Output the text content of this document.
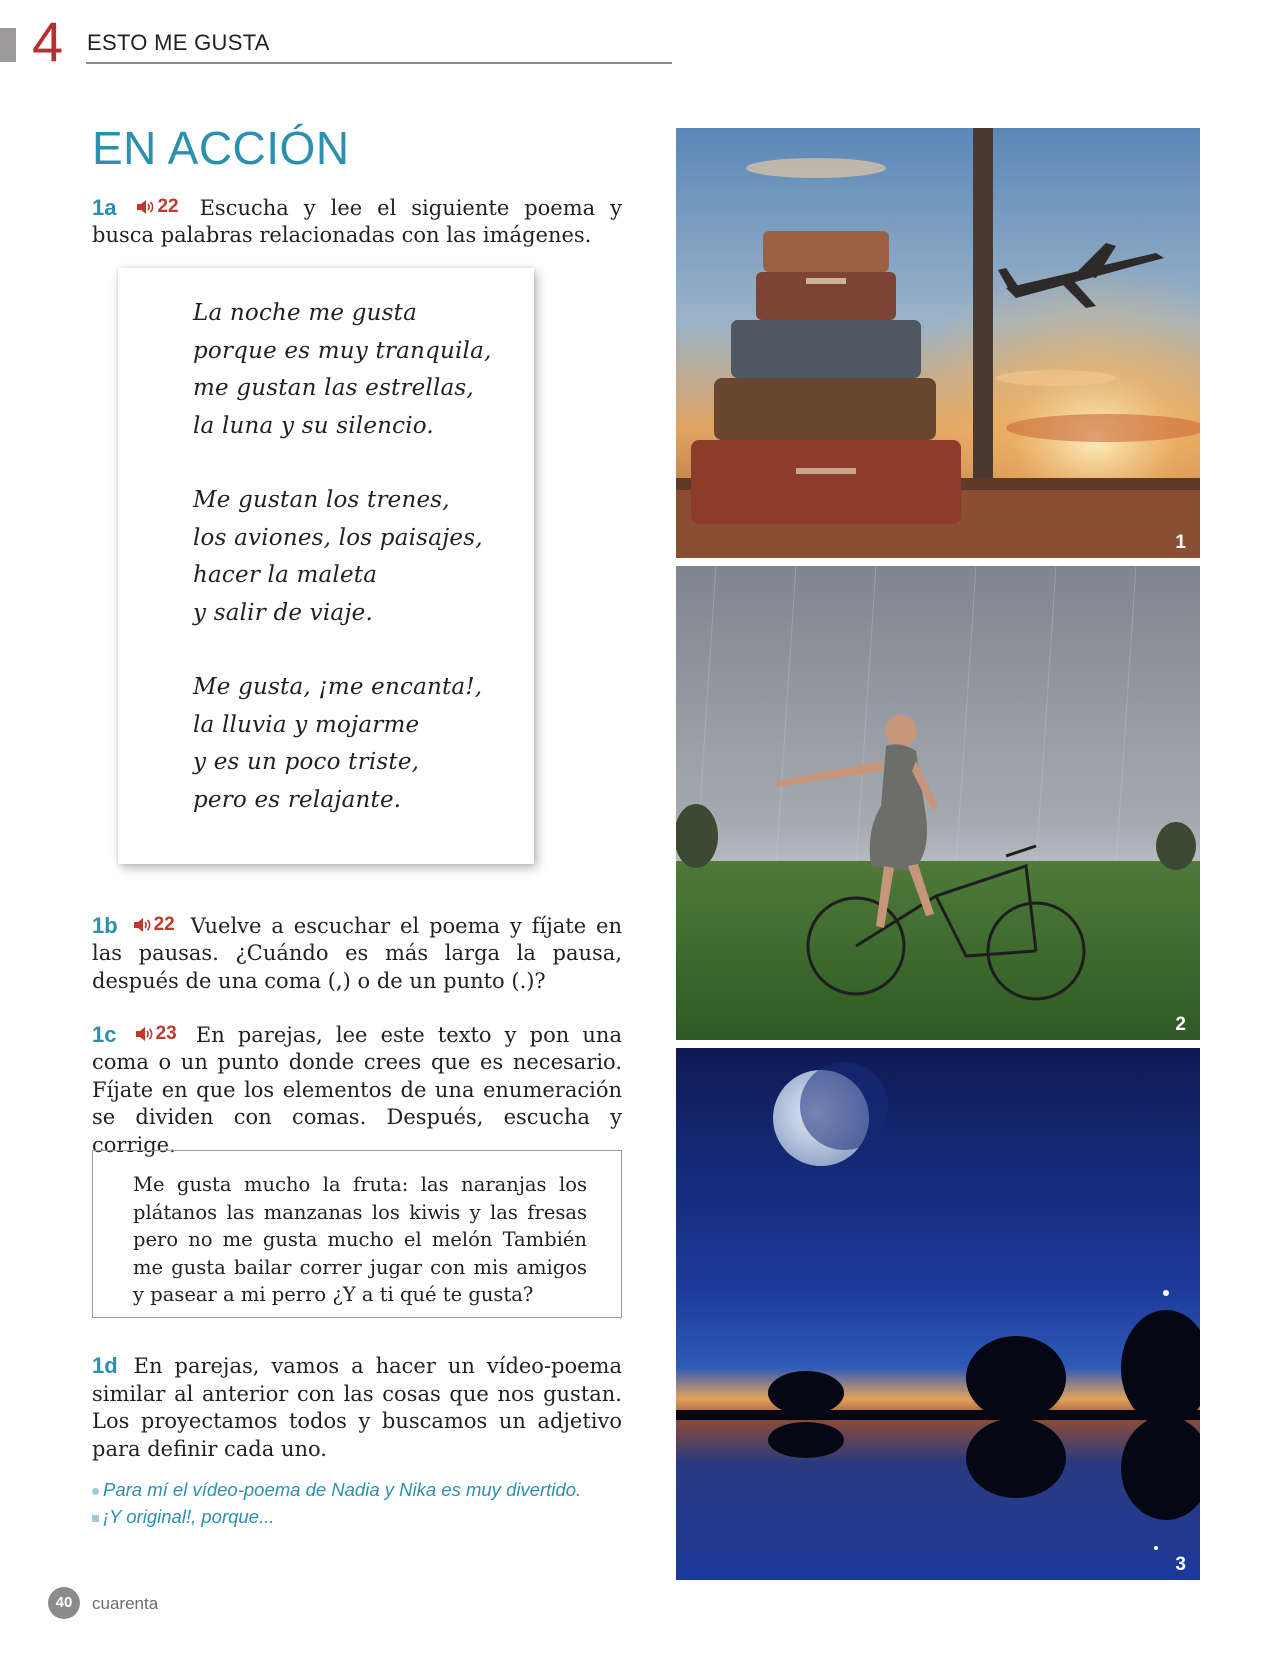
4 ESTO ME GUSTA
EN ACCIÓN
1a 22 Escucha y lee el siguiente poema y busca palabras relacionadas con las imágenes.
La noche me gusta
porque es muy tranquila,
me gustan las estrellas,
la luna y su silencio.
Me gustan los trenes,
los aviones, los paisajes,
hacer la maleta
y salir de viaje.
Me gusta, ¡me encanta!,
la lluvia y mojarme
y es un poco triste,
pero es relajante.
1b 22 Vuelve a escuchar el poema y fíjate en las pausas. ¿Cuándo es más larga la pausa, después de una coma (,) o de un punto (.)?
1c 23 En parejas, lee este texto y pon una coma o un punto donde crees que es necesario. Fíjate en que los elementos de una enumeración se dividen con comas. Después, escucha y corrige.
Me gusta mucho la fruta: las naranjas los plátanos las manzanas los kiwis y las fresas pero no me gusta mucho el melón También me gusta bailar correr jugar con mis amigos y pasear a mi perro ¿Y a ti qué te gusta?
1d En parejas, vamos a hacer un vídeo-poema similar al anterior con las cosas que nos gustan. Los proyectamos todos y buscamos un adjetivo para definir cada uno.
Para mí el vídeo-poema de Nadia y Nika es muy divertido.
¡Y original!, porque...
40	cuarenta
1
2
3
